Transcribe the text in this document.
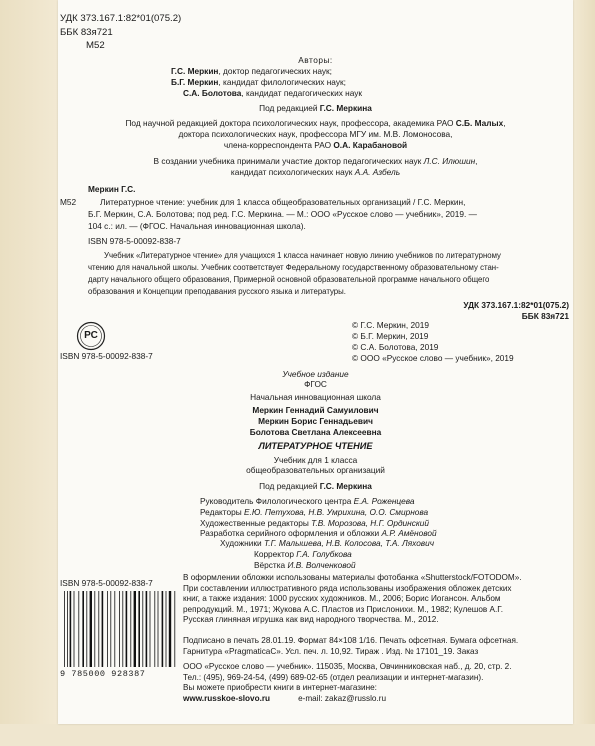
УДК 373.167.1:82*01(075.2)
ББК 83я721
М52
Авторы:
Г.С. Меркин, доктор педагогических наук;
Б.Г. Меркин, кандидат филологических наук;
С.А. Болотова, кандидат педагогических наук
Под редакцией Г.С. Меркина
Под научной редакцией доктора психологических наук, профессора, академика РАО С.Б. Малых,
доктора психологических наук, профессора МГУ им. М.В. Ломоносова,
члена-корреспондента РАО О.А. Карабановой
В создании учебника принимали участие доктор педагогических наук Л.С. Илюшин,
кандидат психологических наук А.А. Азбель
Меркин Г.С.
М52	Литературное чтение: учебник для 1 класса общеобразовательных организаций / Г.С. Меркин,
Б.Г. Меркин, С.А. Болотова; под ред. Г.С. Меркина. — М.: ООО «Русское слово — учебник», 2019. —
104 с.: ил. — (ФГОС. Начальная инновационная школа).
ISBN 978-5-00092-838-7
Учебник «Литературное чтение» для учащихся 1 класса начинает новую линию учебников по литературному
чтению для начальной школы. Учебник соответствует Федеральному государственному образовательному стан-
дарту начального общего образования, Примерной основной образовательной программе начального общего
образования и Концепции преподавания русского языка и литературы.
УДК 373.167.1:82*01(075.2)
ББК 83я721
РС
ISBN 978-5-00092-838-7
© Г.С. Меркин, 2019
© Б.Г. Меркин, 2019
© С.А. Болотова, 2019
© ООО «Русское слово — учебник», 2019
Учебное издание
ФГОС
Начальная инновационная школа
Меркин Геннадий Самуилович
Меркин Борис Геннадьевич
Болотова Светлана Алексеевна
ЛИТЕРАТУРНОЕ ЧТЕНИЕ
Учебник для 1 класса
общеобразовательных организаций
Под редакцией Г.С. Меркина
Руководитель Филологического центра Е.А. Роженцева
Редакторы Е.Ю. Петухова, Н.В. Умрихина, О.О. Смирнова
Художественные редакторы Т.В. Морозова, Н.Г. Ординский
Разработка серийного оформления и обложки А.Р. Амёновой
Художники Т.Г. Малышева, Н.В. Колосова, Т.А. Ляхович
Корректор Г.А. Голубкова
Вёрстка И.В. Волченковой
ISBN 978-5-00092-838-7
9 785000 928387
В оформлении обложки использованы материалы фотобанка «Shutterstock/FOTODOM».
При составлении иллюстративного ряда использованы изображения обложек детских
книг, а также издания: 1000 русских художников. М., 2006; Борис Иогансон. Альбом
репродукций. М., 1971; Жукова А.С. Пластов из Прислонихи. М., 1982; Кулешов А.Г.
Русская глиняная игрушка как вид народного творчества. М., 2012.
Подписано в печать 28.01.19. Формат 84×108 1/16. Печать офсетная. Бумага офсетная.
Гарнитура «PragmaticaC». Усл. печ. л. 10,92. Тираж . Изд. № 17101_19. Заказ
ООО «Русское слово — учебник». 115035, Москва, Овчинниковская наб., д. 20, стр. 2.
Тел.: (495), 969-24-54, (499) 689-02-65 (отдел реализации и интернет-магазин).
Вы можете приобрести книги в интернет-магазине:
www.russkoe-slovo.ru	e-mail: zakaz@russlo.ru
